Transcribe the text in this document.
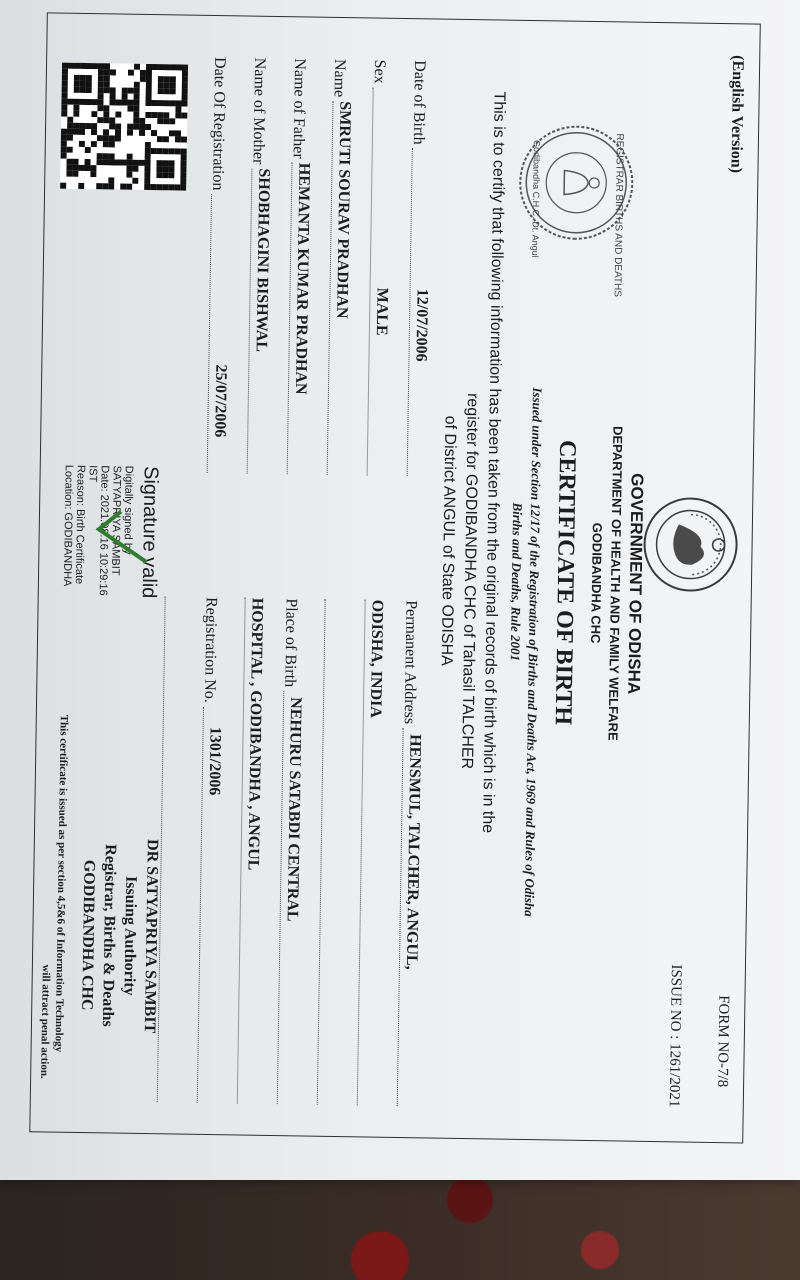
(English Version)
FORM NO-7/8
ISSUE NO : 1261/2021
GOVERNMENT OF ODISHA
DEPARTMENT OF HEALTH AND FAMILY WELFARE
GODIBANDHA CHC
CERTIFICATE OF BIRTH
Issued under Section 12/17 of the Registration of Births and Deaths Act, 1969 and Rules of Odisha
Births and Deaths, Rule 2001
REGISTRAR BIRTHS AND DEATHS
Godibandha C.H.C. Dt. Angul
This is to certify that following information has been taken from the original records of birth which is in the
register for GODIBANDHA CHC of Tahasil TALCHER
of District ANGUL of State ODISHA
Date of Birth
12/07/2006
Sex
MALE
Name
SMRUTI SOURAV PRADHAN
Name of Father
HEMANTA KUMAR PRADHAN
Name of Mother
SHOBHAGINI BISHWAL
Date Of Registration
25/07/2006
Permanent Address
HENSMUL, TALCHER, ANGUL,
ODISHA, INDIA
Place of Birth
NEHURU SATABDI CENTRAL
HOSPITAL , GODIBANDHA , ANGUL
Registration No.
1301/2006
Signature valid
Digitally signed by
SATYAPRIYA SAMBIT
Date: 2021.08.16 10:29:16
IST
Reason: Birth Certificate
Location: GODIBANDHA
DR SATYAPRIYA SAMBIT
Issuing Authority
Registrar, Births & Deaths
GODIBANDHA CHC
This certificate is issued as per section 4,5&6 of Information Technology
will attract penal action.
